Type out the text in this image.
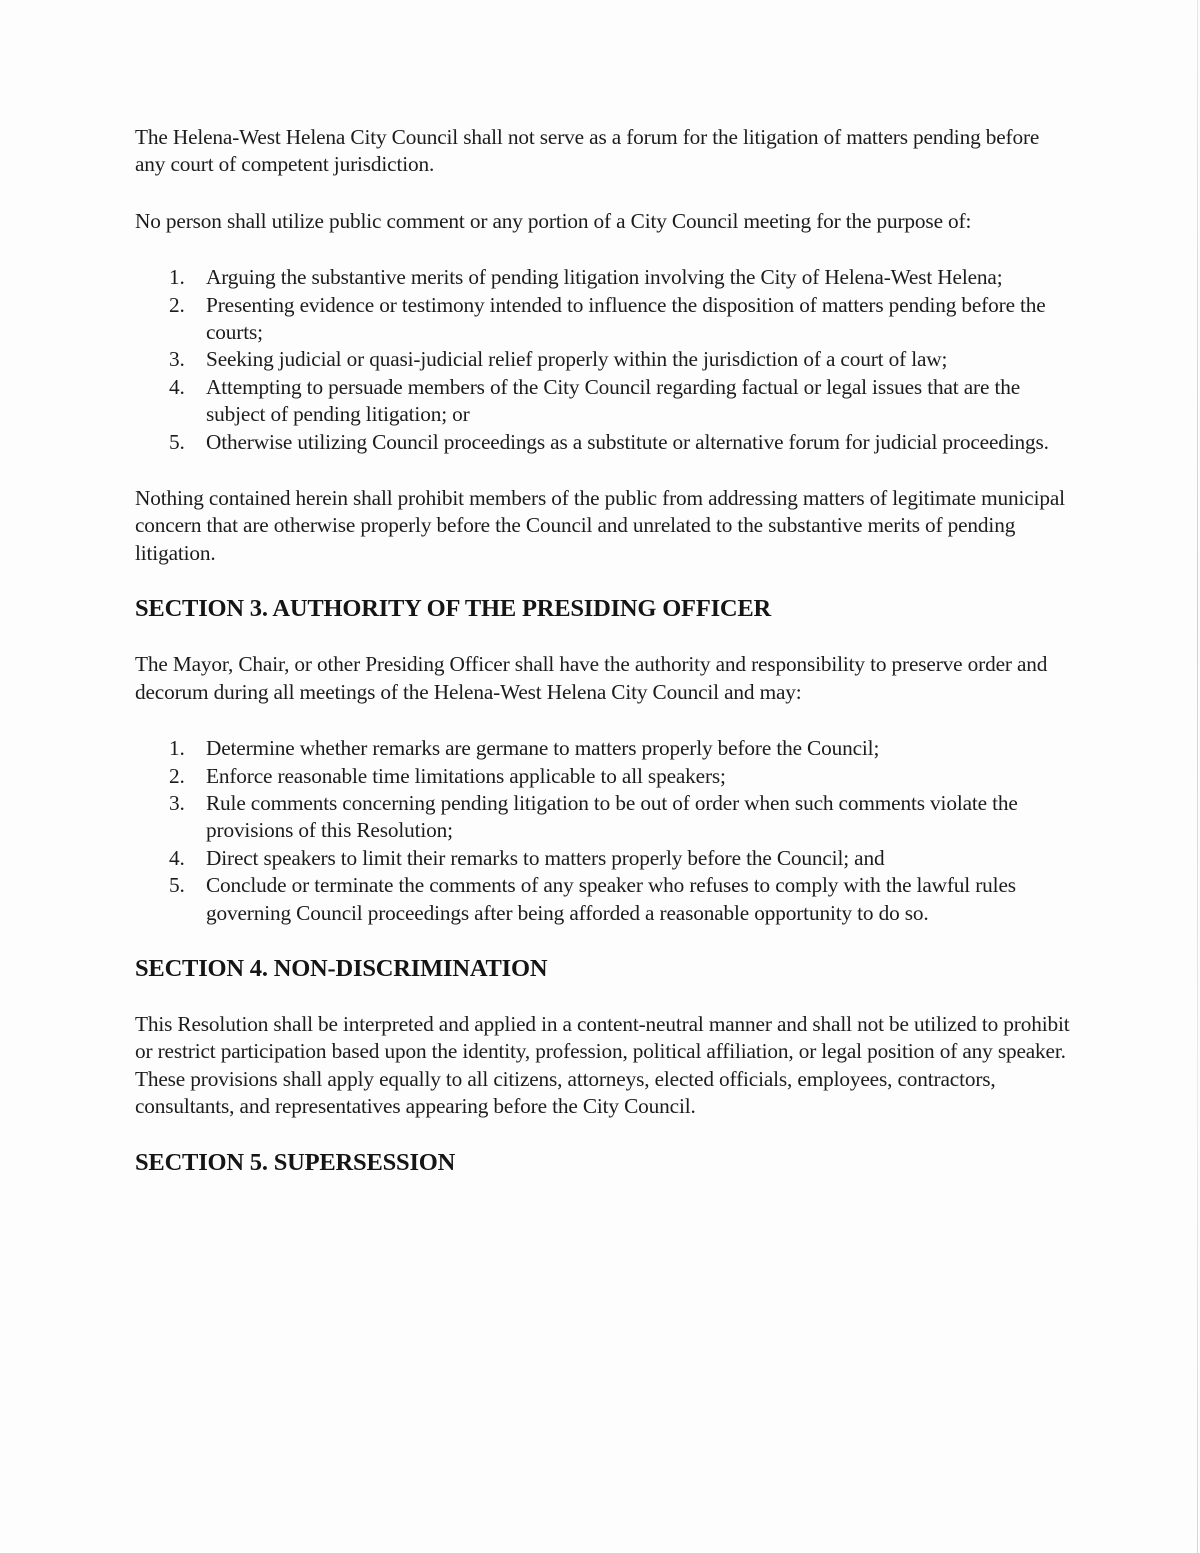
The Helena-West Helena City Council shall not serve as a forum for the litigation of matters pending before any court of competent jurisdiction.

No person shall utilize public comment or any portion of a City Council meeting for the purpose of:

1.	Arguing the substantive merits of pending litigation involving the City of Helena-West Helena;
2.	Presenting evidence or testimony intended to influence the disposition of matters pending before the courts;
3.	Seeking judicial or quasi-judicial relief properly within the jurisdiction of a court of law;
4.	Attempting to persuade members of the City Council regarding factual or legal issues that are the subject of pending litigation; or
5.	Otherwise utilizing Council proceedings as a substitute or alternative forum for judicial proceedings.

Nothing contained herein shall prohibit members of the public from addressing matters of legitimate municipal concern that are otherwise properly before the Council and unrelated to the substantive merits of pending litigation.

SECTION 3. AUTHORITY OF THE PRESIDING OFFICER

The Mayor, Chair, or other Presiding Officer shall have the authority and responsibility to preserve order and decorum during all meetings of the Helena-West Helena City Council and may:

1.	Determine whether remarks are germane to matters properly before the Council;
2.	Enforce reasonable time limitations applicable to all speakers;
3.	Rule comments concerning pending litigation to be out of order when such comments violate the provisions of this Resolution;
4.	Direct speakers to limit their remarks to matters properly before the Council; and
5.	Conclude or terminate the comments of any speaker who refuses to comply with the lawful rules governing Council proceedings after being afforded a reasonable opportunity to do so.
SECTION 4. NON-DISCRIMINATION

This Resolution shall be interpreted and applied in a content-neutral manner and shall not be utilized to prohibit or restrict participation based upon the identity, profession, political affiliation, or legal position of any speaker. These provisions shall apply equally to all citizens, attorneys, elected officials, employees, contractors, consultants, and representatives appearing before the City Council.

SECTION 5. SUPERSESSION
